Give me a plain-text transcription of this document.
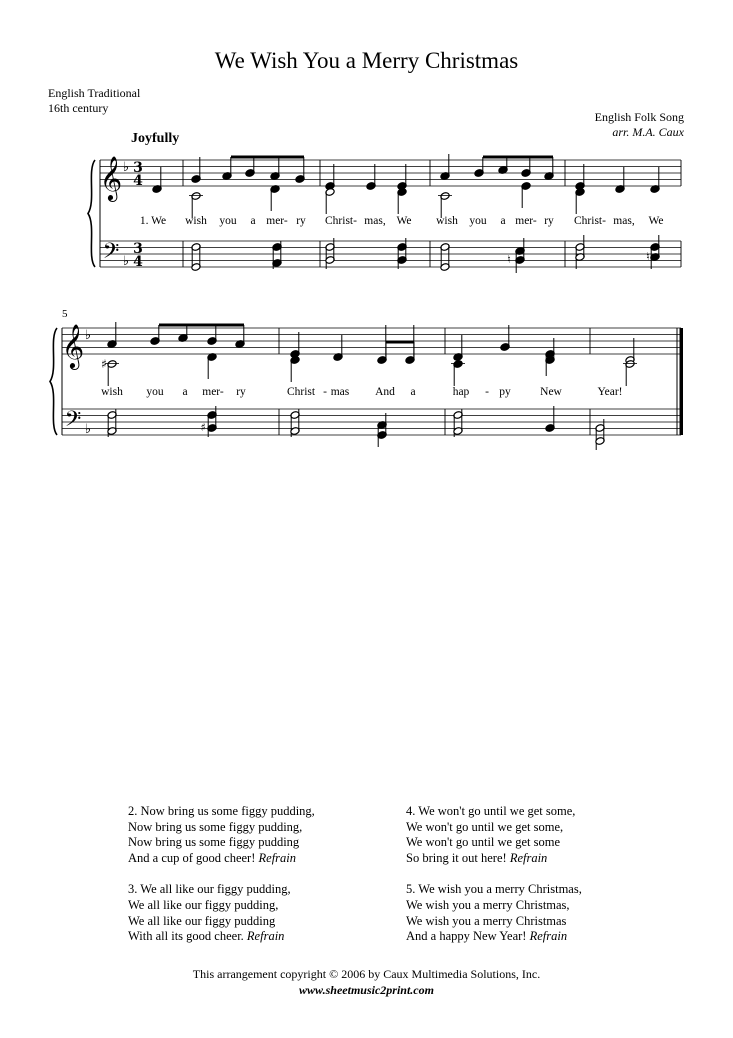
We Wish You a Merry Christmas
English Traditional
16th century
English Folk Song
arr. M.A. Caux
Joyfully
5
𝄞
𝄢
♭
♭
𝄞
𝄢
♭
♭
3
4
3
4
♯
♮	♮
♯
1. We wish you a mer- ry Christ- mas, We wish you a mer- ry Christ- mas, We
wish you a mer- ry	Christ - mas And a	hap - py	New	Year!

2. Now bring us some figgy pudding,
Now bring us some figgy pudding,
Now bring us some figgy pudding
And a cup of good cheer! Refrain

3. We all like our figgy pudding,
We all like our figgy pudding,
We all like our figgy pudding
With all its good cheer. Refrain

4. We won't go until we get some,
We won't go until we get some,
We won't go until we get some
So bring it out here! Refrain

5. We wish you a merry Christmas,
We wish you a merry Christmas,
We wish you a merry Christmas
And a happy New Year! Refrain

This arrangement copyright © 2006 by Caux Multimedia Solutions, Inc.
www.sheetmusic2print.com
